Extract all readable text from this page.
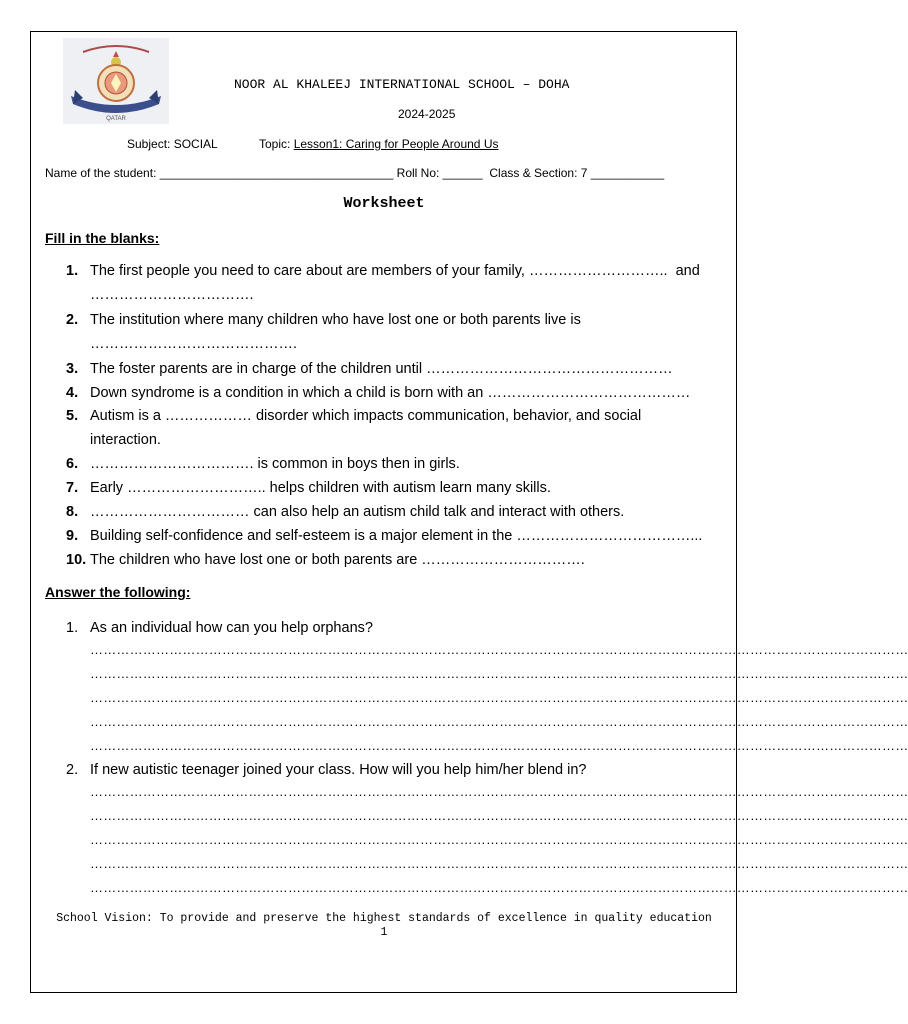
QATAR
NOOR AL KHALEEJ INTERNATIONAL SCHOOL – DOHA
2024-2025
Subject: SOCIAL	Topic: Lesson1: Caring for People Around Us
Name of the student: ___________________________________ Roll No: ______  Class & Section: 7 ___________
Worksheet
Fill in the blanks:
1. The first people you need to care about are members of your family, ………………………..  and
…………………………….
2. The institution where many children who have lost one or both parents live is
…………………………………….
3. The foster parents are in charge of the children until ……………………………………………
4. Down syndrome is a condition in which a child is born with an ……………………………………
5. Autism is a ……………… disorder which impacts communication, behavior, and social
interaction.
6. ……………………………. is common in boys then in girls.
7. Early ……………………….. helps children with autism learn many skills.
8. …………………………… can also help an autism child talk and interact with others.
9. Building self-confidence and self-esteem is a major element in the ………………………………...
10. The children who have lost one or both parents are …………………………….
Answer the following:
1. As an individual how can you help orphans?
……………………………………………………………………………………………………………………………………………………………………
……………………………………………………………………………………………………………………………………………………………………
……………………………………………………………………………………………………………………………………………………………………
……………………………………………………………………………………………………………………………………………………………………
……………………………………………………………………………………………………………………………………………………………………
2. If new autistic teenager joined your class. How will you help him/her blend in?
……………………………………………………………………………………………………………………………………………………………………
……………………………………………………………………………………………………………………………………………………………………
……………………………………………………………………………………………………………………………………………………………………
……………………………………………………………………………………………………………………………………………………………………
……………………………………………………………………………………………………………………………………………………………………
School Vision: To provide and preserve the highest standards of excellence in quality education
1
